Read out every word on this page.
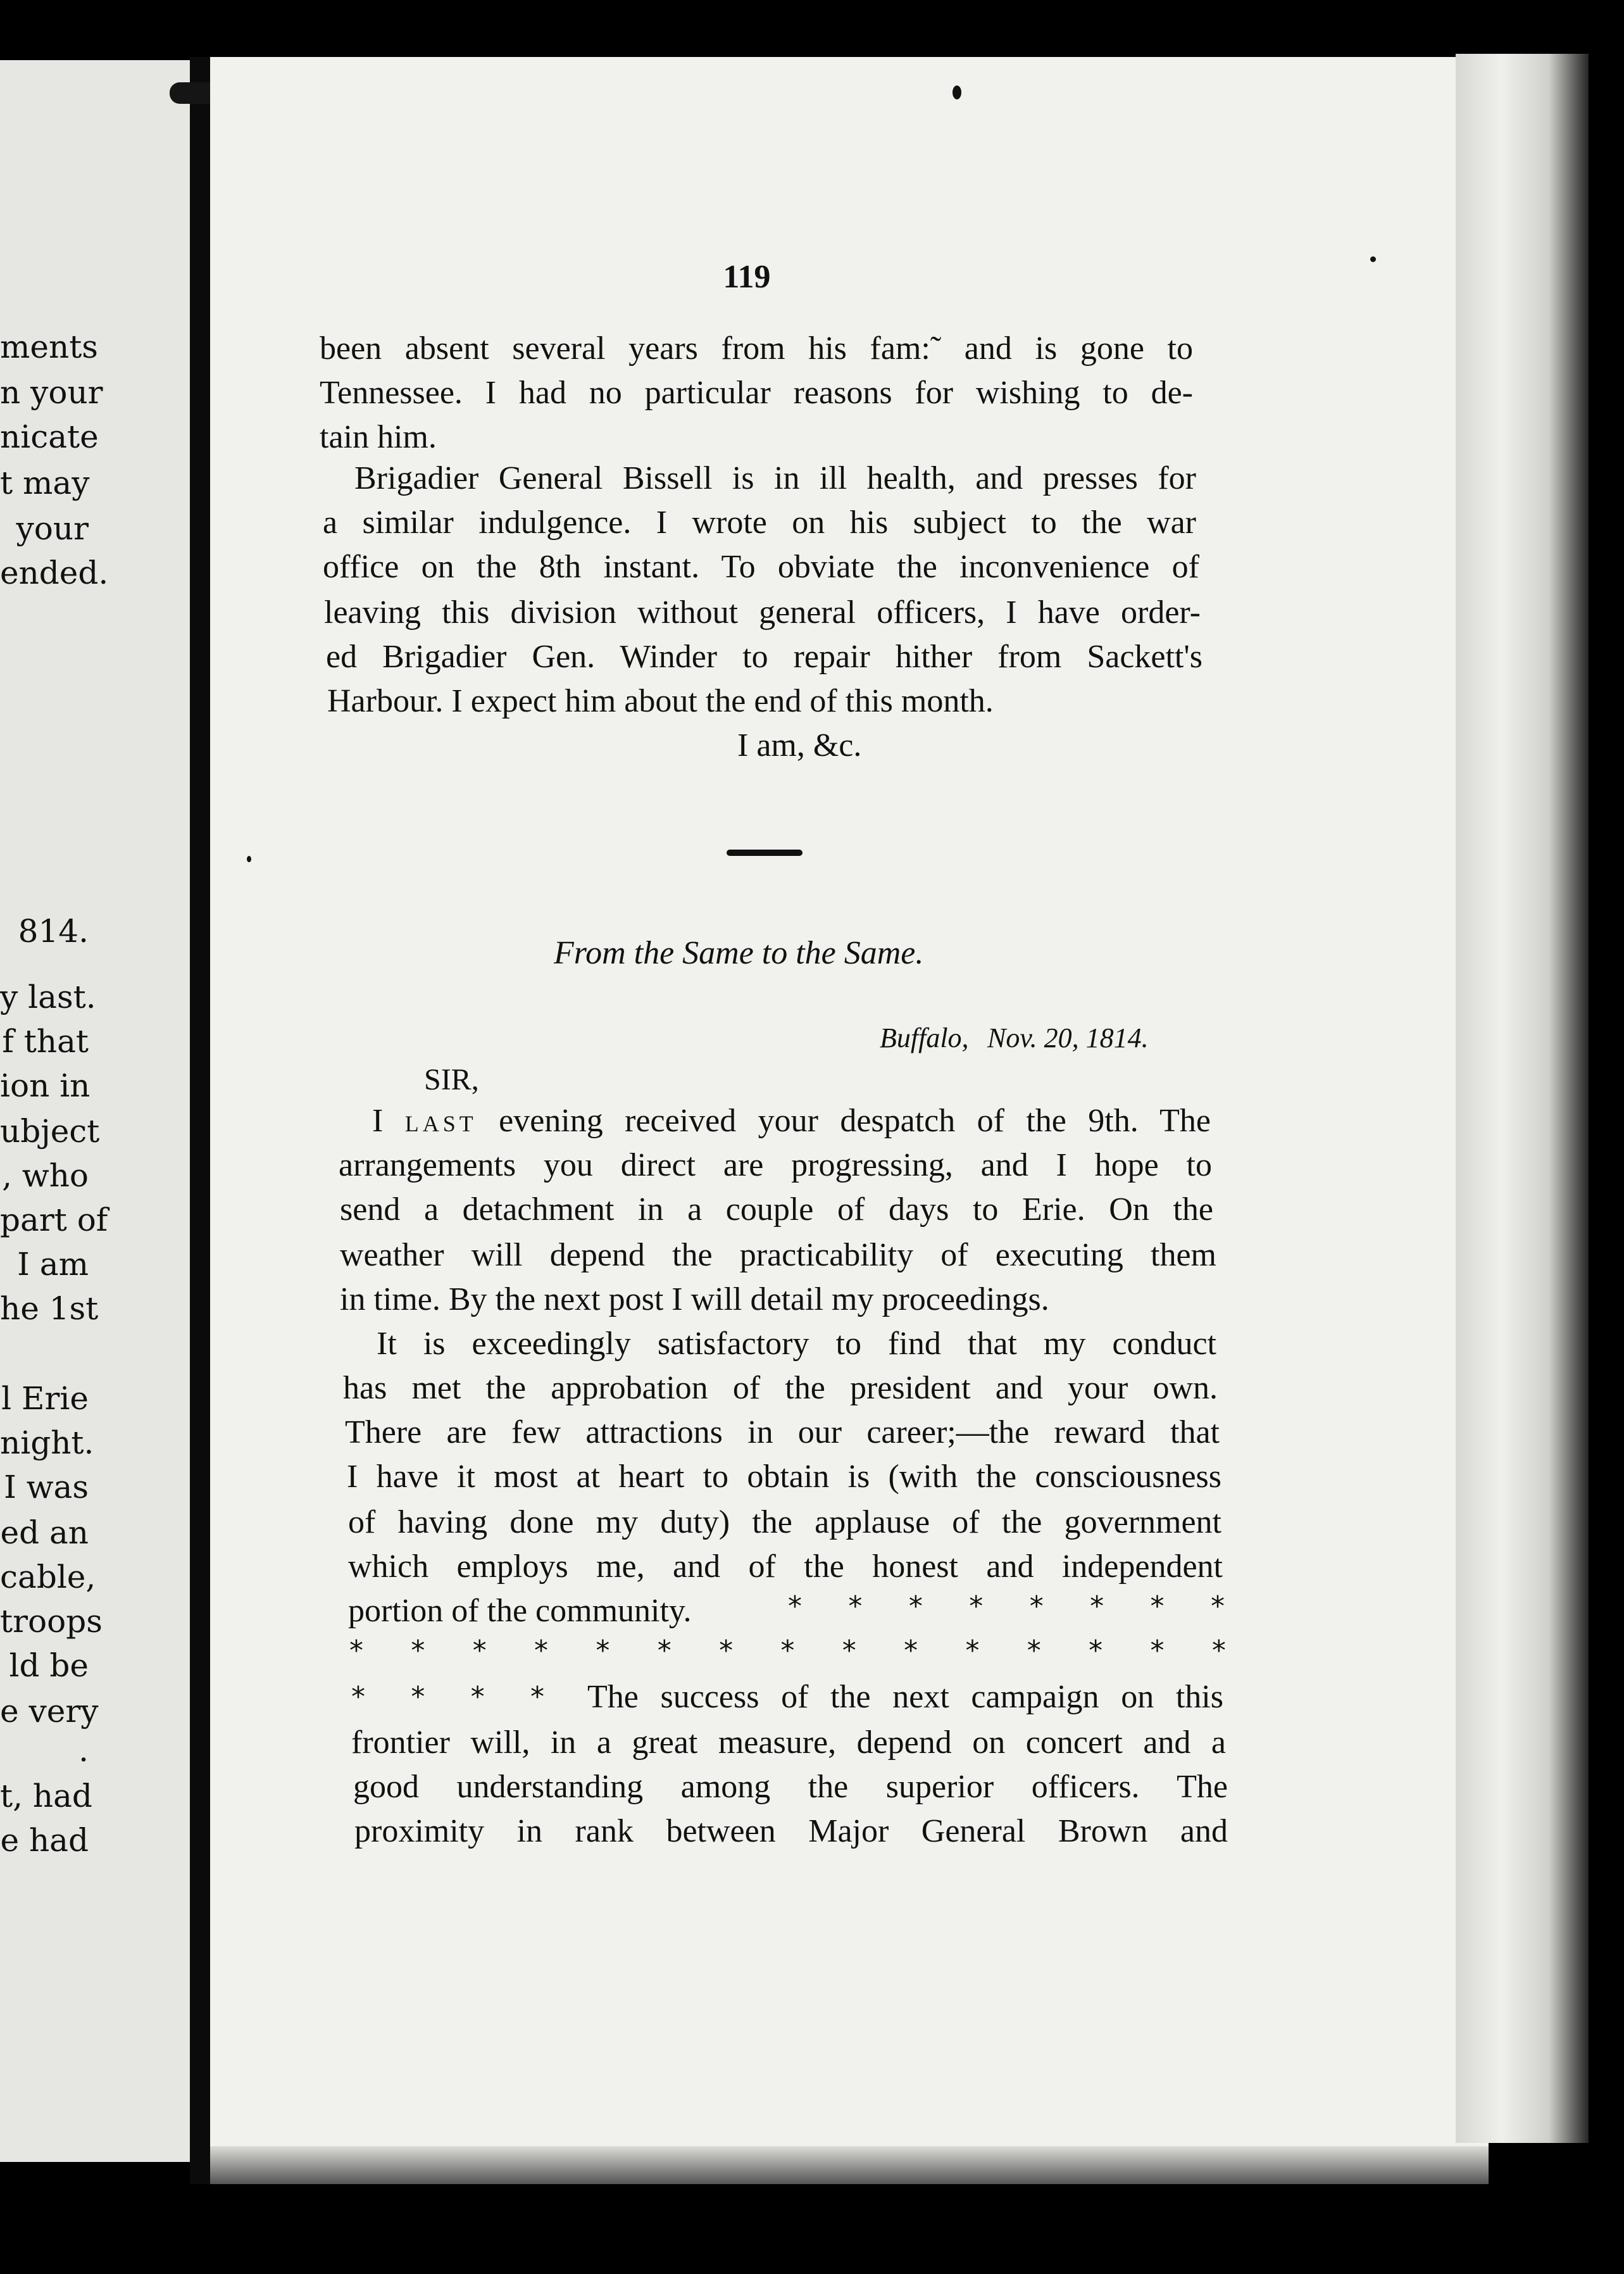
ments
n your
nicate
t may
your
ended.
814.
y last.
f that
ion in
ubject
, who
part of
I am
he 1st
l Erie
night.
I was
ed an
cable,
troops
ld be
e very
.
t, had
e had
119
been absent several years from his fam:˜ and is gone to
Tennessee. I had no particular reasons for wishing to de-
tain him.
Brigadier General Bissell is in ill health, and presses for
a similar indulgence. I wrote on his subject to the war
office on the 8th instant. To obviate the inconvenience of
leaving this division without general officers, I have order-
ed Brigadier Gen. Winder to repair hither from Sackett's
Harbour. I expect him about the end of this month.
I am, &c.
From the Same to the Same.
Buffalo, Nov. 20, 1814.
SIR,
I LAST evening received your despatch of the 9th. The
arrangements you direct are progressing, and I hope to
send a detachment in a couple of days to Erie. On the
weather will depend the practicability of executing them
in time. By the next post I will detail my proceedings.
It is exceedingly satisfactory to find that my conduct
has met the approbation of the president and your own.
There are few attractions in our career;—the reward that
I have it most at heart to obtain is (with the consciousness
of having done my duty) the applause of the government
which employs me, and of the honest and independent
portion of the community.	* * * * * * * *
* * * * * * * * * * * * * * *
* * * * The success of the next campaign on this
frontier will, in a great measure, depend on concert and a
good understanding among the superior officers. The
proximity in rank between Major General Brown and
